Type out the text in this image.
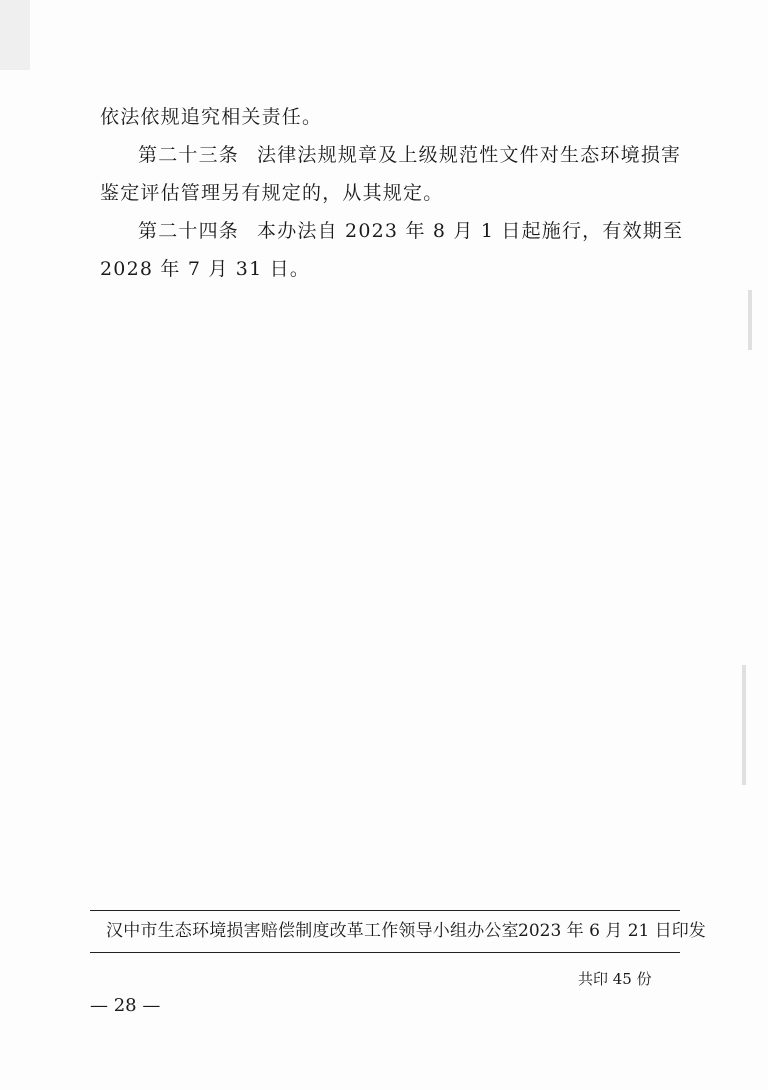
依法依规追究相关责任。

第二十三条 法律法规规章及上级规范性文件对生态环境损害鉴定评估管理另有规定的，从其规定。

第二十四条 本办法自 2023 年 8 月 1 日起施行，有效期至 2028 年 7 月 31 日。

汉中市生态环境损害赔偿制度改革工作领导小组办公室 2023 年 6 月 21 日印发
共印 45 份
— 28 —
